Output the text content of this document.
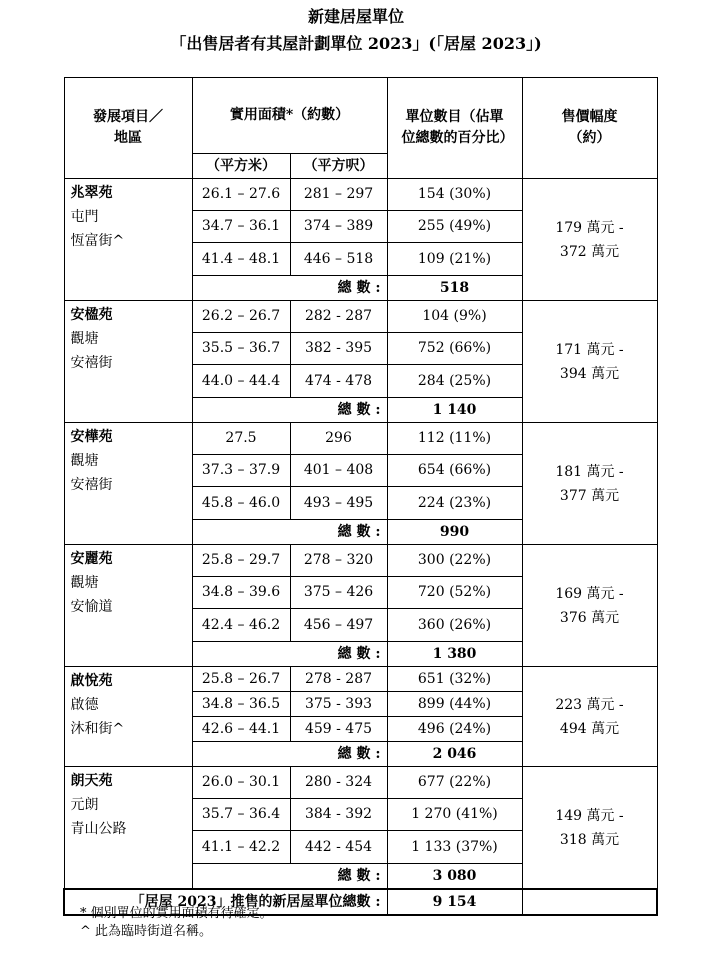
新建居屋單位
「出售居者有其屋計劃單位 2023」(「居屋 2023」)
發展項目／地區	實用面積*（約數）		單位數目（佔單位總數的百分比）	售價幅度（約）
	（平方米）	（平方呎）		
兆翠苑
屯門
恆富街^	26.1 – 27.6	281 – 297	154 (30%)	179 萬元 -
372 萬元
	34.7 – 36.1	374 – 389	255 (49%)	
	41.4 – 48.1	446 – 518	109 (21%)	
	總 數 :		518	
安楹苑
觀塘
安禧街	26.2 – 26.7	282 - 287	104 (9%)	171 萬元 -
394 萬元
	35.5 – 36.7	382 - 395	752 (66%)	
	44.0 – 44.4	474 - 478	284 (25%)	
	總 數 :		1 140	
安樺苑
觀塘
安禧街	27.5	296	112 (11%)	181 萬元 -
377 萬元
	37.3 – 37.9	401 – 408	654 (66%)	
	45.8 – 46.0	493 – 495	224 (23%)	
	總 數 :		990	
安麗苑
觀塘
安愉道	25.8 – 29.7	278 – 320	300 (22%)	169 萬元 -
376 萬元
	34.8 – 39.6	375 – 426	720 (52%)	
	42.4 – 46.2	456 – 497	360 (26%)	
	總 數 :		1 380	
啟悅苑
啟德
沐和街^	25.8 – 26.7	278 - 287	651 (32%)	223 萬元 -
494 萬元
	34.8 – 36.5	375 - 393	899 (44%)	
	42.6 – 44.1	459 - 475	496 (24%)	
	總 數 :		2 046	
朗天苑
元朗
青山公路	26.0 – 30.1	280 - 324	677 (22%)	149 萬元 -
318 萬元
	35.7 – 36.4	384 - 392	1 270 (41%)	
	41.1 – 42.2	442 - 454	1 133 (37%)	
	總 數 :		3 080	
「居屋 2023」推售的新居屋單位總數 :			9 154	
* 個別單位的實用面積有待確定。
^ 此為臨時街道名稱。
